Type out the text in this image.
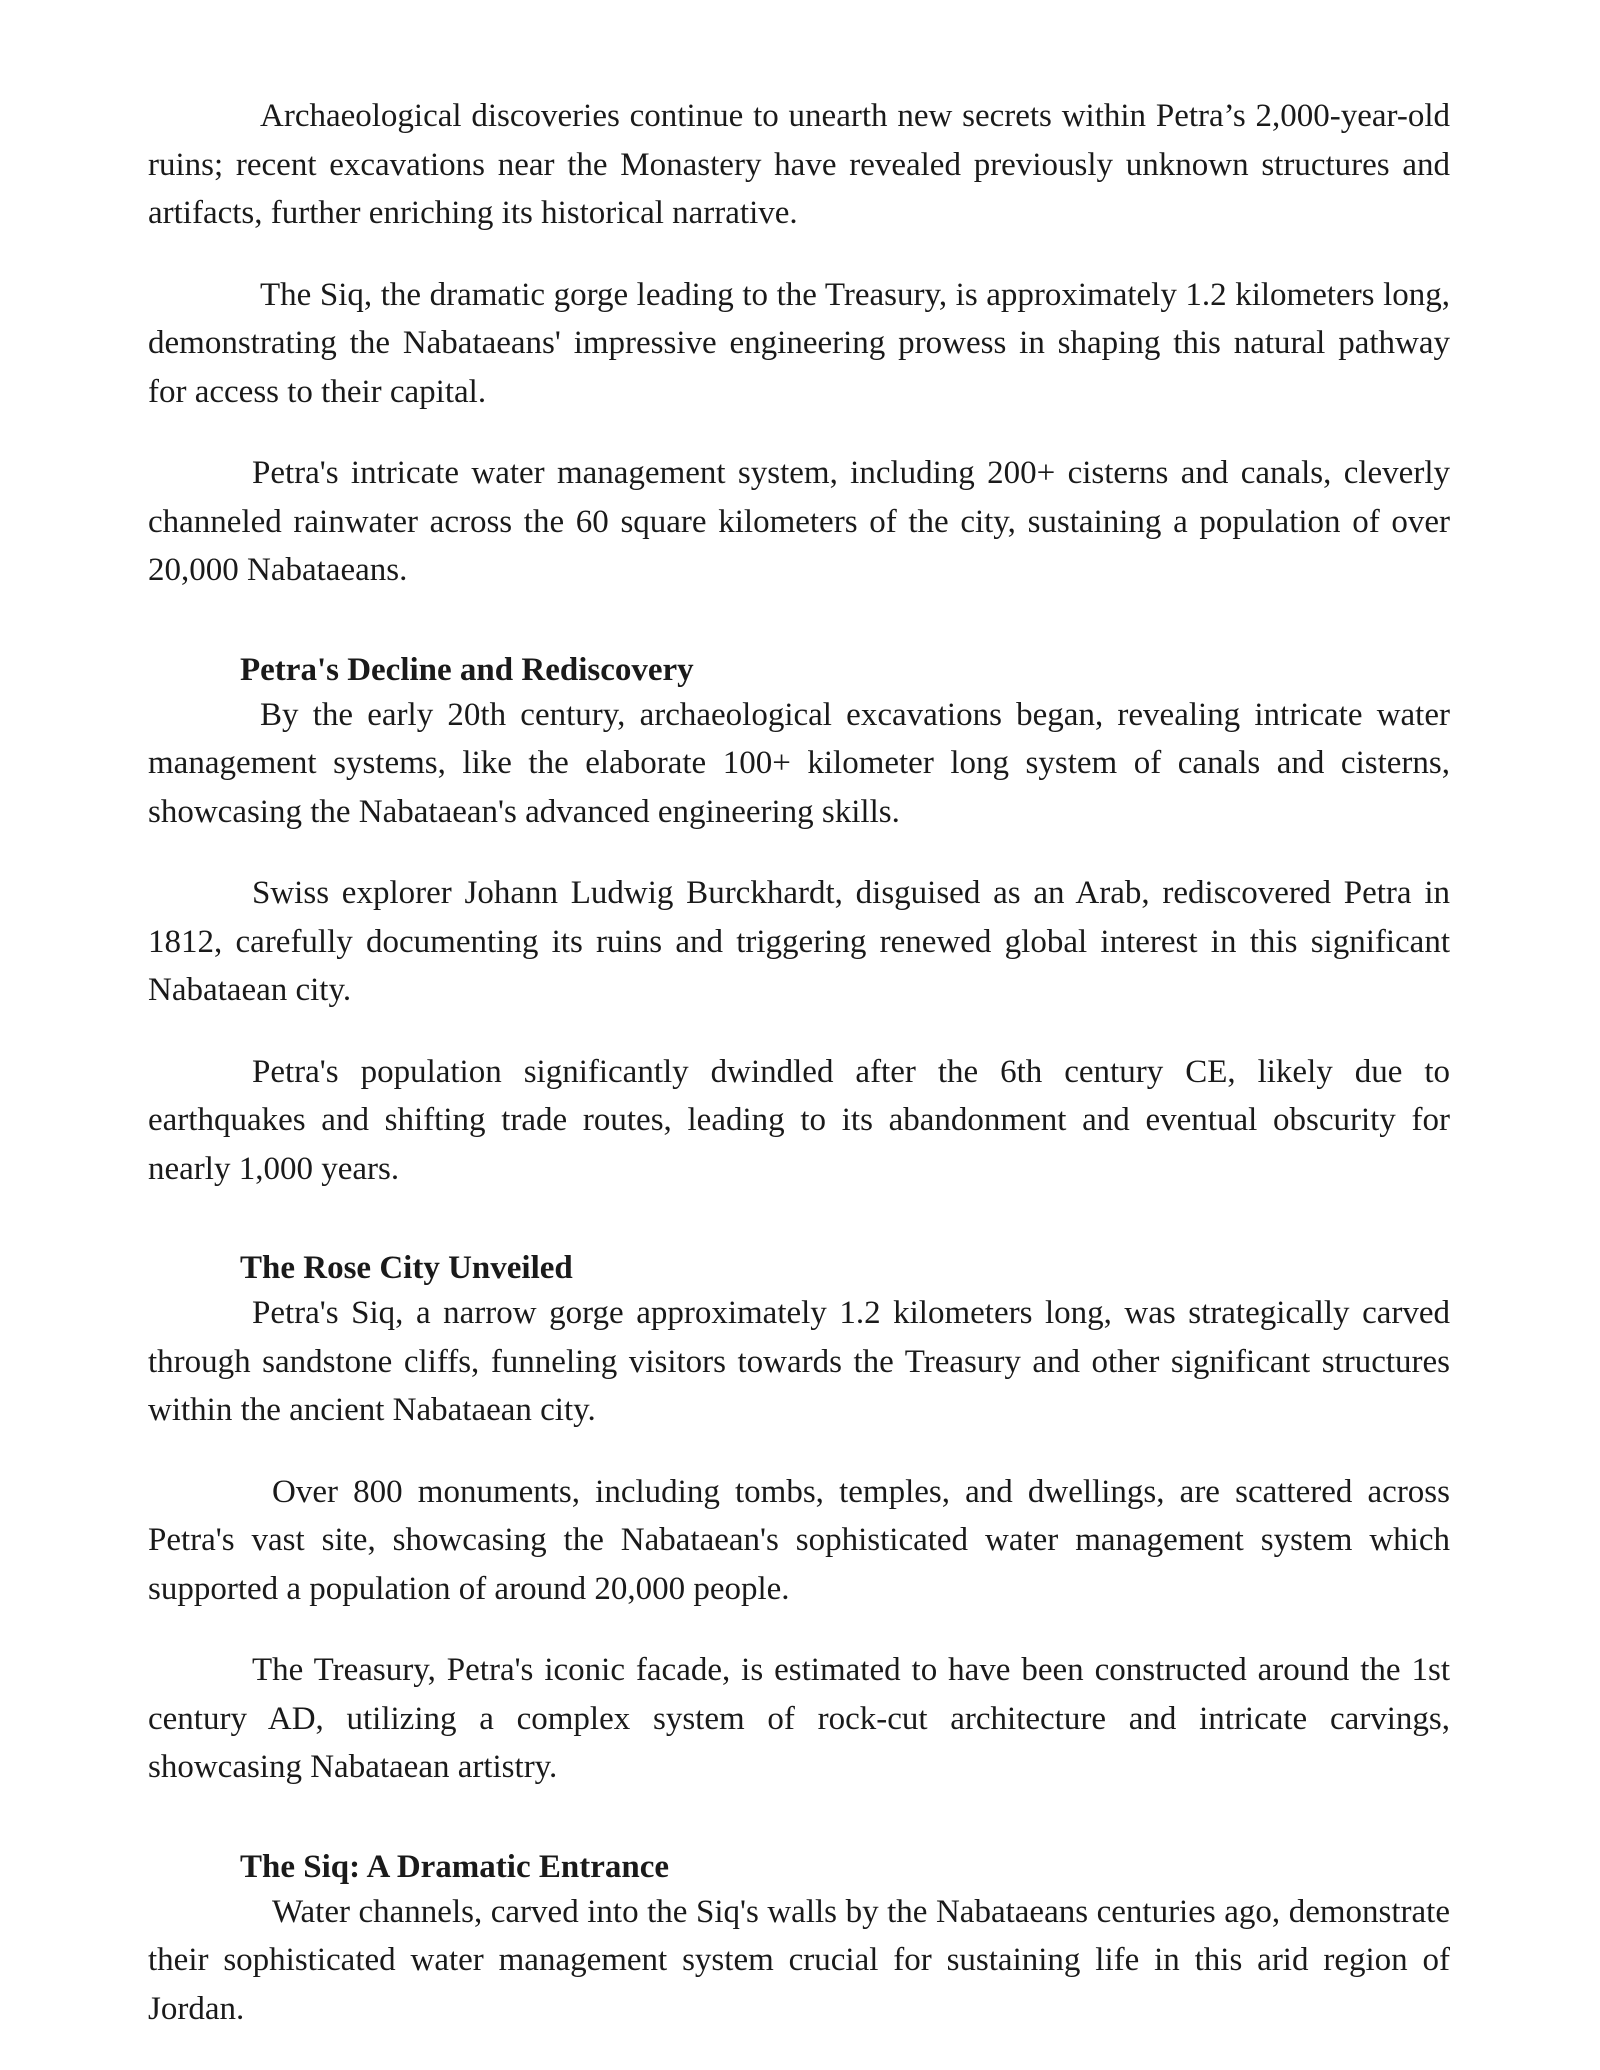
Archaeological discoveries continue to unearth new secrets within Petra’s 2,000-year-old ruins; recent excavations near the Monastery have revealed previously unknown structures and artifacts, further enriching its historical narrative.

The Siq, the dramatic gorge leading to the Treasury, is approximately 1.2 kilometers long, demonstrating the Nabataeans' impressive engineering prowess in shaping this natural pathway for access to their capital.

Petra's intricate water management system, including 200+ cisterns and canals, cleverly channeled rainwater across the 60 square kilometers of the city, sustaining a population of over 20,000 Nabataeans.

Petra's Decline and Rediscovery

By the early 20th century, archaeological excavations began, revealing intricate water management systems, like the elaborate 100+ kilometer long system of canals and cisterns, showcasing the Nabataean's advanced engineering skills.

Swiss explorer Johann Ludwig Burckhardt, disguised as an Arab, rediscovered Petra in 1812, carefully documenting its ruins and triggering renewed global interest in this significant Nabataean city.

Petra's population significantly dwindled after the 6th century CE, likely due to earthquakes and shifting trade routes, leading to its abandonment and eventual obscurity for nearly 1,000 years.

The Rose City Unveiled

Petra's Siq, a narrow gorge approximately 1.2 kilometers long, was strategically carved through sandstone cliffs, funneling visitors towards the Treasury and other significant structures within the ancient Nabataean city.

Over 800 monuments, including tombs, temples, and dwellings, are scattered across Petra's vast site, showcasing the Nabataean's sophisticated water management system which supported a population of around 20,000 people.

The Treasury, Petra's iconic facade, is estimated to have been constructed around the 1st century AD, utilizing a complex system of rock-cut architecture and intricate carvings, showcasing Nabataean artistry.

The Siq: A Dramatic Entrance

Water channels, carved into the Siq's walls by the Nabataeans centuries ago, demonstrate their sophisticated water management system crucial for sustaining life in this arid region of Jordan.
